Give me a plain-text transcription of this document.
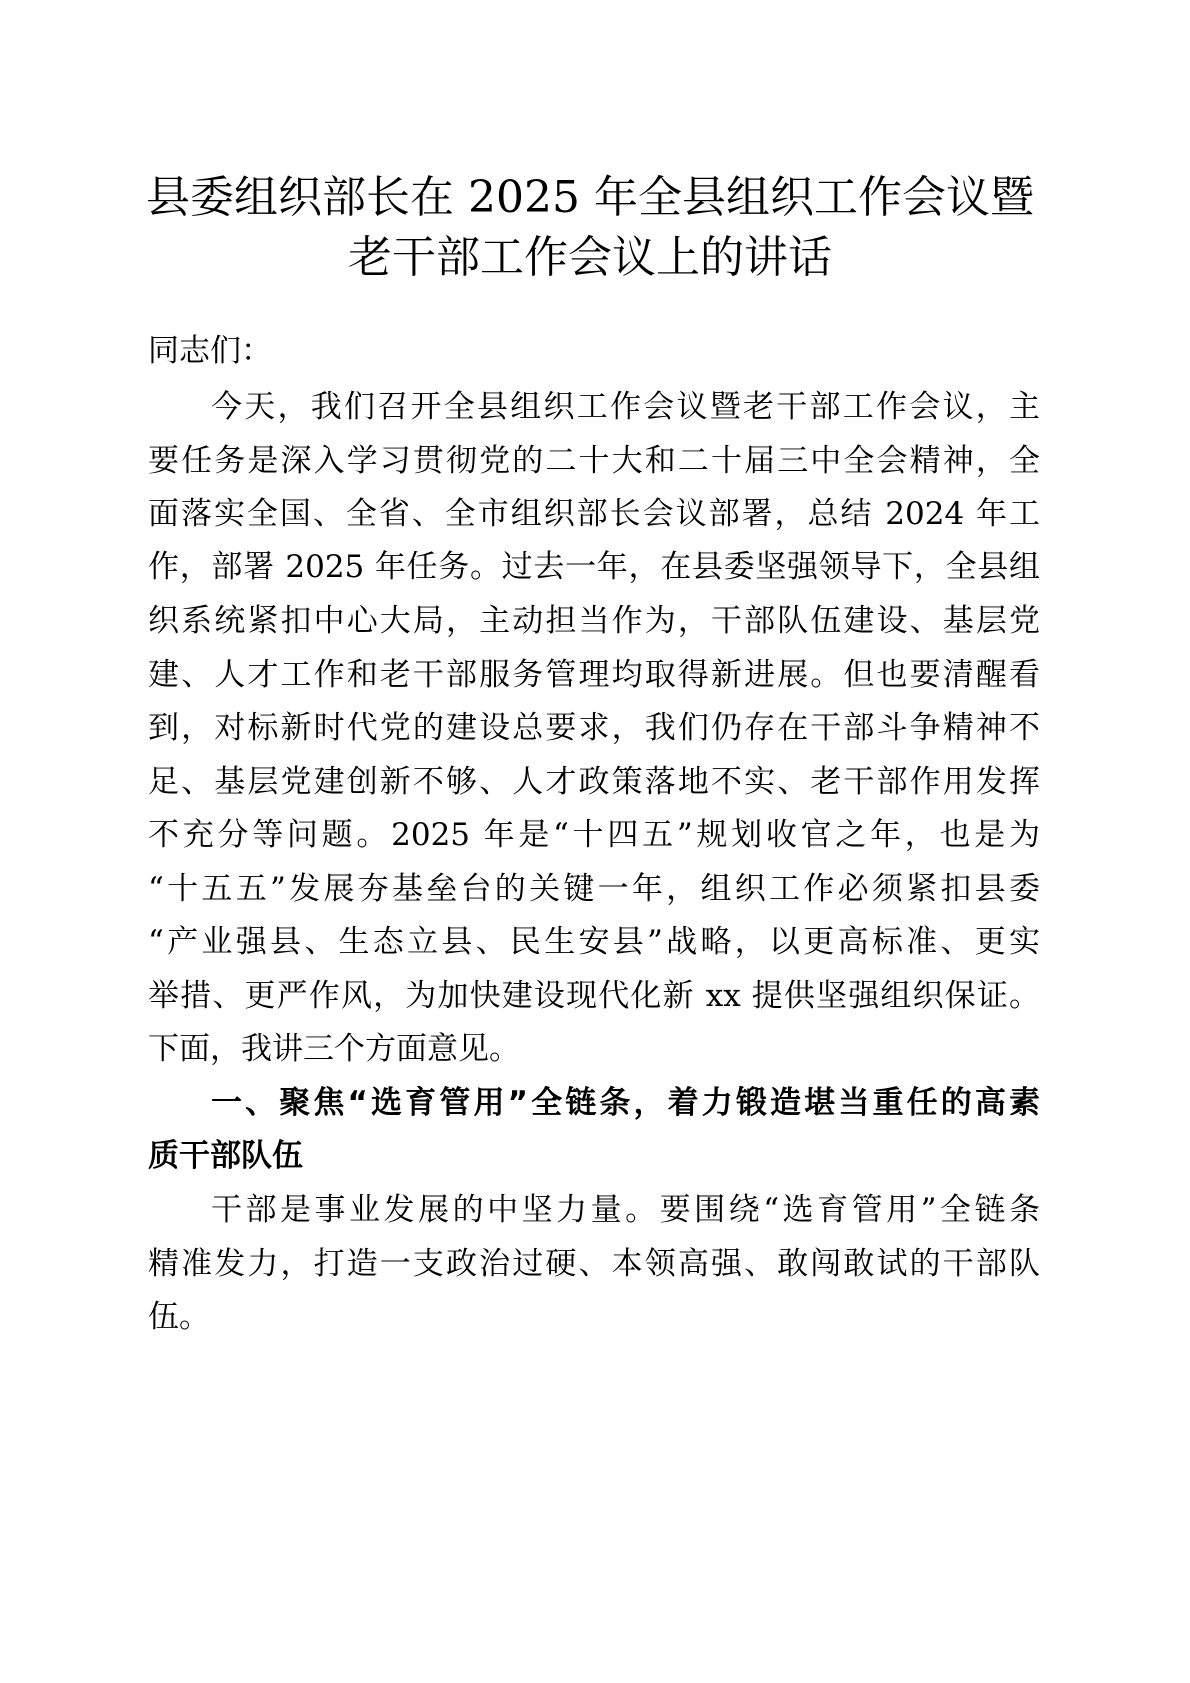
县委组织部长在 2025 年全县组织工作会议暨
老干部工作会议上的讲话

同志们：

今天，我们召开全县组织工作会议暨老干部工作会议，主

要任务是深入学习贯彻党的二十大和二十届三中全会精神，全

面落实全国、全省、全市组织部长会议部署，总结 2024 年工

作，部署 2025 年任务。过去一年，在县委坚强领导下，全县组

织系统紧扣中心大局，主动担当作为，干部队伍建设、基层党

建、人才工作和老干部服务管理均取得新进展。但也要清醒看

到，对标新时代党的建设总要求，我们仍存在干部斗争精神不

足、基层党建创新不够、人才政策落地不实、老干部作用发挥

不充分等问题。2025 年是“十四五”规划收官之年，也是为

“十五五”发展夯基垒台的关键一年，组织工作必须紧扣县委

“产业强县、生态立县、民生安县”战略，以更高标准、更实

举措、更严作风，为加快建设现代化新 xx 提供坚强组织保证。

下面，我讲三个方面意见。

一、聚焦“选育管用”全链条，着力锻造堪当重任的高素

质干部队伍

干部是事业发展的中坚力量。要围绕“选育管用”全链条

精准发力，打造一支政治过硬、本领高强、敢闯敢试的干部队

伍。
